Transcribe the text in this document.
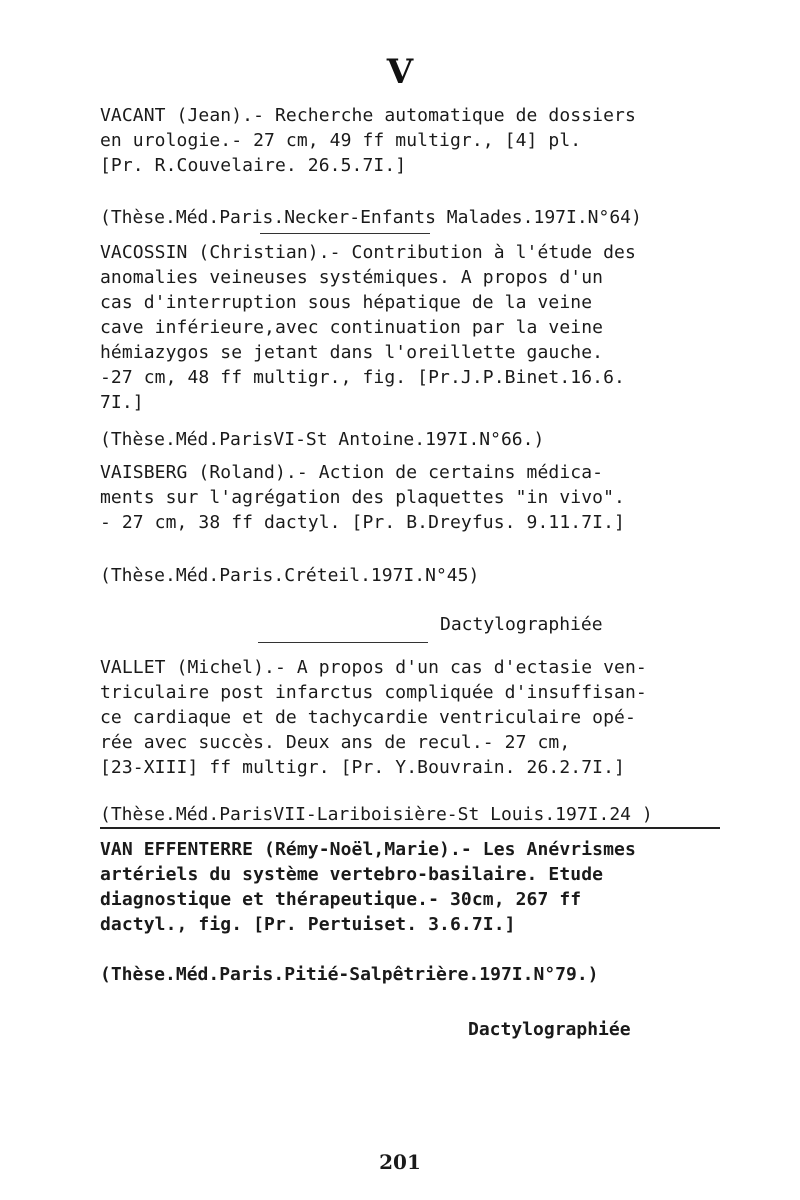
V
VACANT (Jean).- Recherche automatique de dossiers
en urologie.- 27 cm, 49 ff multigr., [4] pl.
[Pr. R.Couvelaire. 26.5.7I.]
(Thèse.Méd.Paris.Necker-Enfants Malades.197I.N°64)
VACOSSIN (Christian).- Contribution à l'étude des
anomalies veineuses systémiques. A propos d'un
cas d'interruption sous hépatique de la veine
cave inférieure,avec continuation par la veine
hémiazygos se jetant dans l'oreillette gauche.
-27 cm, 48 ff multigr., fig. [Pr.J.P.Binet.16.6.
7I.]
(Thèse.Méd.ParisVI-St Antoine.197I.N°66.)
VAISBERG (Roland).- Action de certains médica-
ments sur l'agrégation des plaquettes "in vivo".
- 27 cm, 38 ff dactyl. [Pr. B.Dreyfus. 9.11.7I.]
(Thèse.Méd.Paris.Créteil.197I.N°45)
Dactylographiée
VALLET (Michel).- A propos d'un cas d'ectasie ven-
triculaire post infarctus compliquée d'insuffisan-
ce cardiaque et de tachycardie ventriculaire opé-
rée avec succès. Deux ans de recul.- 27 cm,
[23-XIII] ff multigr. [Pr. Y.Bouvrain. 26.2.7I.]
(Thèse.Méd.ParisVII-Lariboisière-St Louis.197I.24 )
VAN EFFENTERRE (Rémy-Noël,Marie).- Les Anévrismes
artériels du système vertebro-basilaire. Etude
diagnostique et thérapeutique.- 30cm, 267 ff
dactyl., fig. [Pr. Pertuiset. 3.6.7I.]
(Thèse.Méd.Paris.Pitié-Salpêtrière.197I.N°79.)
Dactylographiée
201
